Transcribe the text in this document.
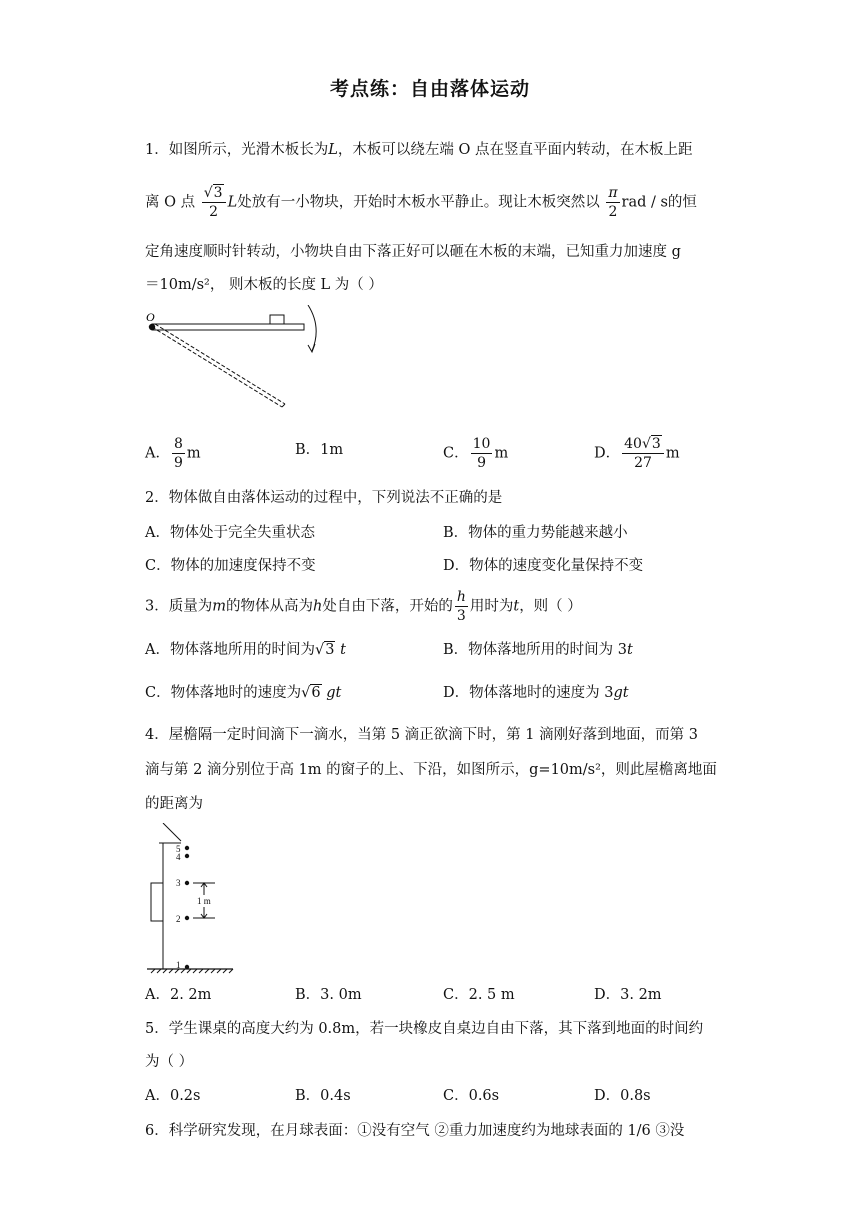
考点练：自由落体运动
1．如图所示，光滑木板长为L，木板可以绕左端 O 点在竖直平面内转动，在木板上距
离 O 点 $\frac{√3}{2}$ L处放有一小物块，开始时木板水平静止。现让木板突然以 $\frac{\pi}{2}$ rad / s的恒
定角速度顺时针转动，小物块自由下落正好可以砸在木板的末端，已知重力加速度 g
＝10m/s²， 则木板的长度 L 为（ ）
O
A． $\frac{8}{9}$ m	B．1m	C． $\frac{10}{9}$ m	D． $\frac{40√3}{27}$ m
2．物体做自由落体运动的过程中，下列说法不正确的是
A．物体处于完全失重状态	B．物体的重力势能越来越小
C．物体的加速度保持不变	D．物体的速度变化量保持不变
3．质量为m的物体从高为h处自由下落，开始的 $\frac{h}{3}$ 用时为t，则（ ）
A．物体落地所用的时间为√3 t	B．物体落地所用的时间为 3t
C．物体落地时的速度为√6 gt	D．物体落地时的速度为 3gt
4．屋檐隔一定时间滴下一滴水，当第 5 滴正欲滴下时，第 1 滴刚好落到地面，而第 3
滴与第 2 滴分别位于高 1m 的窗子的上、下沿，如图所示，g=10m/s²，则此屋檐离地面
的距离为
5
4
3
2
1
1 m
A．2. 2m	B．3. 0m	C．2. 5 m	D．3. 2m
5．学生课桌的高度大约为 0.8m，若一块橡皮自桌边自由下落，其下落到地面的时间约
为（ ）
A．0.2s	B．0.4s	C．0.6s	D．0.8s
6．科学研究发现，在月球表面：①没有空气 ②重力加速度约为地球表面的 1/6 ③没
